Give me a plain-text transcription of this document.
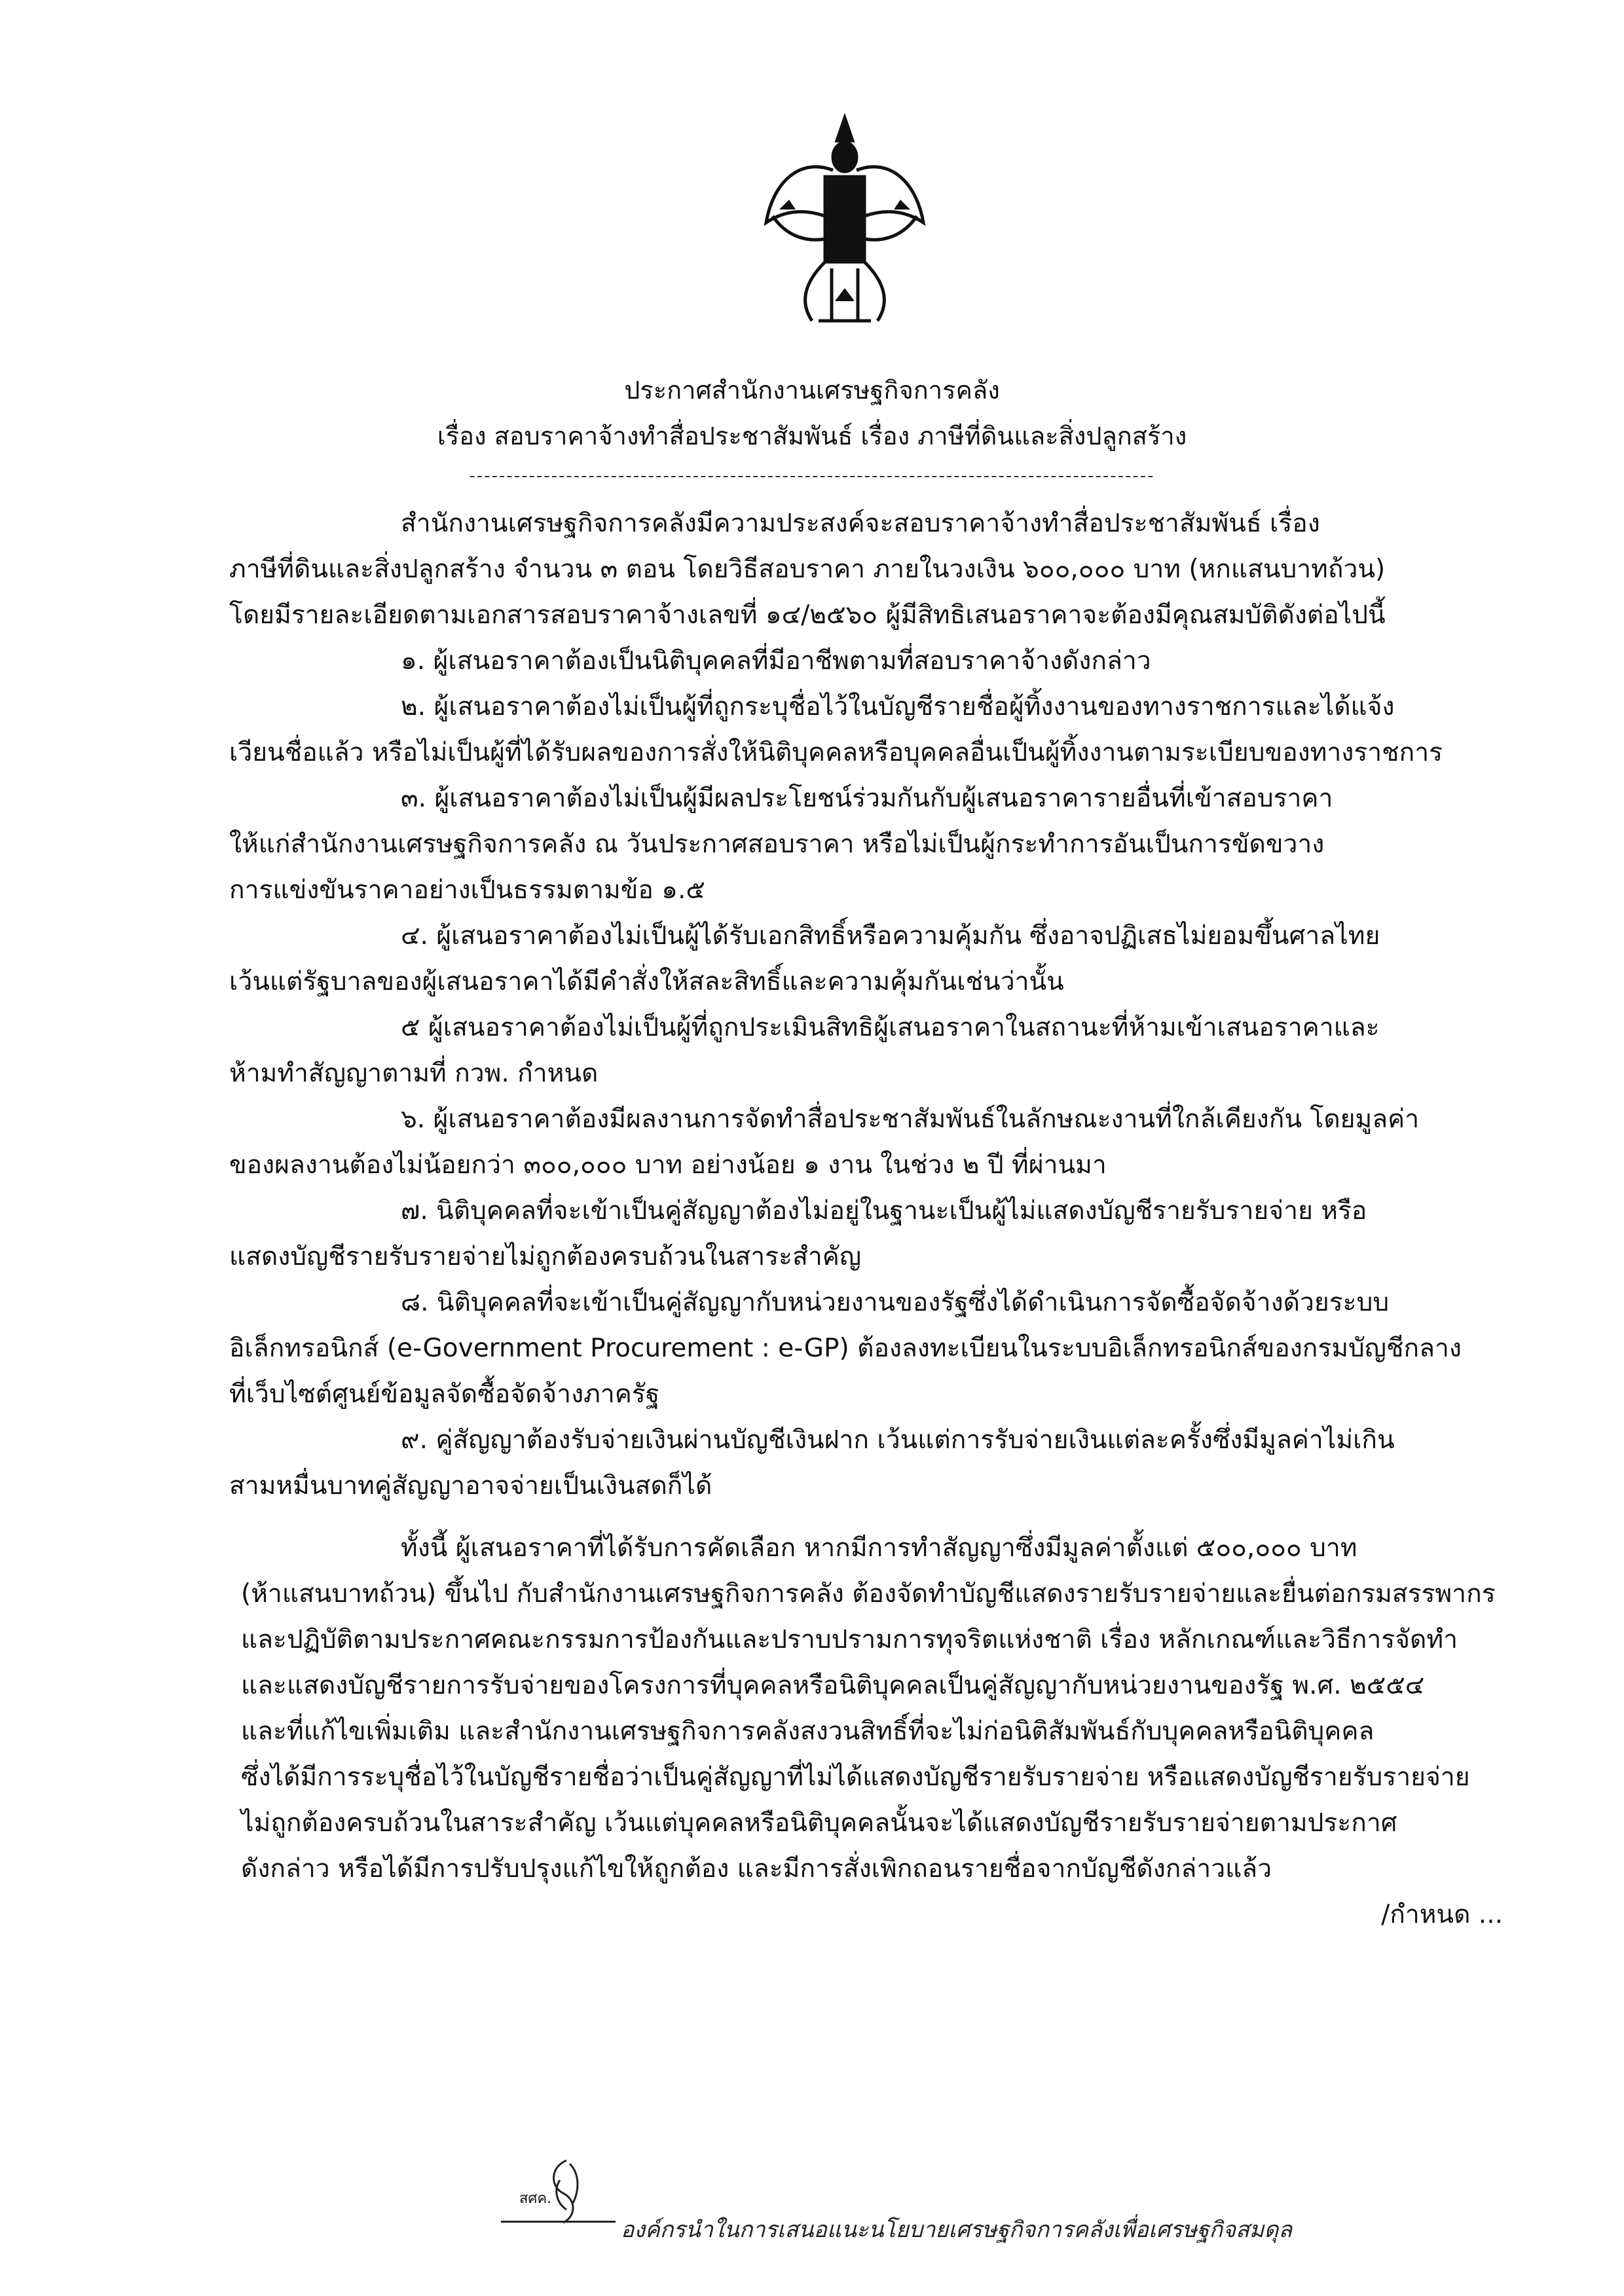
ประกาศสำนักงานเศรษฐกิจการคลัง
เรื่อง สอบราคาจ้างทำสื่อประชาสัมพันธ์ เรื่อง ภาษีที่ดินและสิ่งปลูกสร้าง
--------------------------------------------------------------------------------------------
สำนักงานเศรษฐกิจการคลังมีความประสงค์จะสอบราคาจ้างทำสื่อประชาสัมพันธ์ เรื่อง
ภาษีที่ดินและสิ่งปลูกสร้าง จำนวน ๓ ตอน โดยวิธีสอบราคา ภายในวงเงิน ๖๐๐,๐๐๐ บาท (หกแสนบาทถ้วน)
โดยมีรายละเอียดตามเอกสารสอบราคาจ้างเลขที่ ๑๔/๒๕๖๐ ผู้มีสิทธิเสนอราคาจะต้องมีคุณสมบัติดังต่อไปนี้
๑. ผู้เสนอราคาต้องเป็นนิติบุคคลที่มีอาชีพตามที่สอบราคาจ้างดังกล่าว
๒. ผู้เสนอราคาต้องไม่เป็นผู้ที่ถูกระบุชื่อไว้ในบัญชีรายชื่อผู้ทิ้งงานของทางราชการและได้แจ้ง
เวียนชื่อแล้ว หรือไม่เป็นผู้ที่ได้รับผลของการสั่งให้นิติบุคคลหรือบุคคลอื่นเป็นผู้ทิ้งงานตามระเบียบของทางราชการ
๓. ผู้เสนอราคาต้องไม่เป็นผู้มีผลประโยชน์ร่วมกันกับผู้เสนอราคารายอื่นที่เข้าสอบราคา
ให้แก่สำนักงานเศรษฐกิจการคลัง ณ วันประกาศสอบราคา หรือไม่เป็นผู้กระทำการอันเป็นการขัดขวาง
การแข่งขันราคาอย่างเป็นธรรมตามข้อ ๑.๕
๔. ผู้เสนอราคาต้องไม่เป็นผู้ได้รับเอกสิทธิ์หรือความคุ้มกัน ซึ่งอาจปฏิเสธไม่ยอมขึ้นศาลไทย
เว้นแต่รัฐบาลของผู้เสนอราคาได้มีคำสั่งให้สละสิทธิ์และความคุ้มกันเช่นว่านั้น
๕ ผู้เสนอราคาต้องไม่เป็นผู้ที่ถูกประเมินสิทธิผู้เสนอราคาในสถานะที่ห้ามเข้าเสนอราคาและ
ห้ามทำสัญญาตามที่ กวพ. กำหนด
๖. ผู้เสนอราคาต้องมีผลงานการจัดทำสื่อประชาสัมพันธ์ในลักษณะงานที่ใกล้เคียงกัน โดยมูลค่า
ของผลงานต้องไม่น้อยกว่า ๓๐๐,๐๐๐ บาท อย่างน้อย ๑ งาน ในช่วง ๒ ปี ที่ผ่านมา
๗. นิติบุคคลที่จะเข้าเป็นคู่สัญญาต้องไม่อยู่ในฐานะเป็นผู้ไม่แสดงบัญชีรายรับรายจ่าย หรือ
แสดงบัญชีรายรับรายจ่ายไม่ถูกต้องครบถ้วนในสาระสำคัญ
๘. นิติบุคคลที่จะเข้าเป็นคู่สัญญากับหน่วยงานของรัฐซึ่งได้ดำเนินการจัดซื้อจัดจ้างด้วยระบบ
อิเล็กทรอนิกส์ (e-Government Procurement : e-GP) ต้องลงทะเบียนในระบบอิเล็กทรอนิกส์ของกรมบัญชีกลาง
ที่เว็บไซต์ศูนย์ข้อมูลจัดซื้อจัดจ้างภาครัฐ
๙. คู่สัญญาต้องรับจ่ายเงินผ่านบัญชีเงินฝาก เว้นแต่การรับจ่ายเงินแต่ละครั้งซึ่งมีมูลค่าไม่เกิน
สามหมื่นบาทคู่สัญญาอาจจ่ายเป็นเงินสดก็ได้
ทั้งนี้ ผู้เสนอราคาที่ได้รับการคัดเลือก หากมีการทำสัญญาซึ่งมีมูลค่าตั้งแต่ ๕๐๐,๐๐๐ บาท
(ห้าแสนบาทถ้วน) ขึ้นไป กับสำนักงานเศรษฐกิจการคลัง ต้องจัดทำบัญชีแสดงรายรับรายจ่ายและยื่นต่อกรมสรรพากร
และปฏิบัติตามประกาศคณะกรรมการป้องกันและปราบปรามการทุจริตแห่งชาติ เรื่อง หลักเกณฑ์และวิธีการจัดทำ
และแสดงบัญชีรายการรับจ่ายของโครงการที่บุคคลหรือนิติบุคคลเป็นคู่สัญญากับหน่วยงานของรัฐ พ.ศ. ๒๕๕๔
และที่แก้ไขเพิ่มเติม และสำนักงานเศรษฐกิจการคลังสงวนสิทธิ์ที่จะไม่ก่อนิติสัมพันธ์กับบุคคลหรือนิติบุคคล
ซึ่งได้มีการระบุชื่อไว้ในบัญชีรายชื่อว่าเป็นคู่สัญญาที่ไม่ได้แสดงบัญชีรายรับรายจ่าย หรือแสดงบัญชีรายรับรายจ่าย
ไม่ถูกต้องครบถ้วนในสาระสำคัญ เว้นแต่บุคคลหรือนิติบุคคลนั้นจะได้แสดงบัญชีรายรับรายจ่ายตามประกาศ
ดังกล่าว หรือได้มีการปรับปรุงแก้ไขให้ถูกต้อง และมีการสั่งเพิกถอนรายชื่อจากบัญชีดังกล่าวแล้ว
/กำหนด ...
สศค.
องค์กรนำในการเสนอแนะนโยบายเศรษฐกิจการคลังเพื่อเศรษฐกิจสมดุล
